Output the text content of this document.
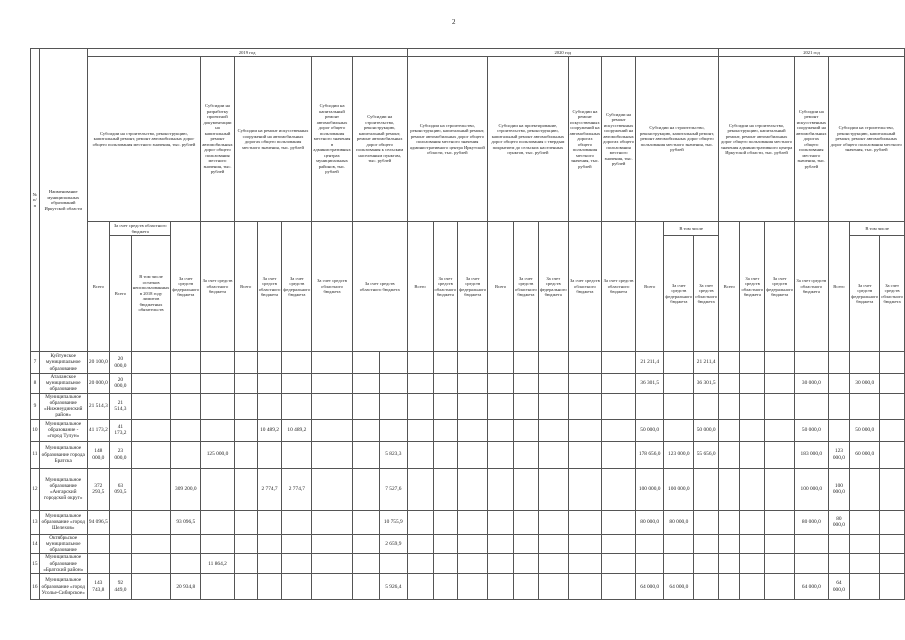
2
№ п/п	Наименование муниципальных образований Иркутской области	2019 год											2020 год											2021 год						
		Субсидии на строительство, реконструкцию, капитальный ремонт, ремонт автомобильных дорог общего пользования местного значения, тыс. рублей				Субсидии на разработку проектной документации на капитальный ремонт автомобильных дорог общего пользования местного значения, тыс. рублей	Субсидии на ремонт искусственных сооружений на автомобильных дорогах общего пользования местного значения, тыс. рублей			Субсидии на капитальный ремонт автомобильных дорог общего пользования местного значения в административных центрах муниципальных районов, тыс. рублей	Субсидии на строительство, реконструкцию, капитальный ремонт, ремонт автомобильных дорог общего пользования к сельским населенным пунктам, тыс. рублей		Субсидии на строительство, реконструкцию, капитальный ремонт, ремонт автомобильных дорог общего пользования местного значения административного центра Иркутской области, тыс. рублей			Субсидии на проектирование, строительство, реконструкцию, капитальный ремонт автомобильных дорог общего пользования с твердым покрытием до сельских населенных пунктов, тыс. рублей			Субсидии на ремонт искусственных сооружений на автомобильных дорогах общего пользования местного значения, тыс. рублей	Субсидии на ремонт искусственных сооружений на автомобильных дорогах общего пользования местного значения, тыс. рублей	Субсидии на строительство, реконструкцию, капитальный ремонт, ремонт автомобильных дорог общего пользования местного значения, тыс. рублей			Субсидии на строительство, реконструкцию, капитальный ремонт, ремонт автомобильных дорог общего пользования местного значения административного центра Иркутской области, тыс. рублей			Субсидии на ремонт искусственных сооружений на автомобильных дорогах общего пользования местного значения, тыс. рублей	Субсидии на строительство, реконструкцию, капитальный ремонт, ремонт автомобильных дорог общего пользования местного значения, тыс. рублей		
		Всего	За счет средств областного бюджета		За счет средств федерального бюджета	За счет средств областного бюджета	Всего	За счет средств областного бюджета	За счет средств федерального бюджета	За счет средств областного бюджета	За счет средств областного бюджета		Всего	За счет средств областного бюджета	За счет средств федерального бюджета	Всего	За счет средств областного бюджета	За счет средств федерального бюджета	За счет средств областного бюджета	За счет средств областного бюджета	Всего	В том числе		Всего	За счет средств областного бюджета	За счет средств федерального бюджета	За счет средств областного бюджета	Всего	В том числе	
			Всего	В том числе остатков неиспользованных в 2018 году лимитов бюджетных обязательств																		За счет средств федерального бюджета	За счет средств областного бюджета						За счет средств федерального бюджета	За счет средств областного бюджета
7	Куйтунское муниципальное образование	20 100,0	20 000,0																		21 211,4		21 211,4							
8	Аталанское муниципальное образование	20 000,0	20 000,0																		36 301,5		36 301,5				30 000,0		30 000,0	
9	Муниципальное образование «Нижнеудинский район»	21 514,3	21 514,3																											
10	Муниципальное образование - «город Тулун»	41 173,2	41 173,2					10 489,2	10 489,2												50 000,0		50 000,0				50 000,0		50 000,0	
11	Муниципальное образование города Братска	148 000,0	23 000,0			125 000,0						5 823,3									178 656,0	123 000,0	55 656,0				183 000,0	123 000,0	60 000,0	
12	Муниципальное образование «Ангарский городской округ»	372 293,5	63 093,5		309 200,0			2 774,7	2 774,7			7 527,6									100 000,0	100 000,0					100 000,0	100 000,0		
13	Муниципальное образование «город Шелехов»	94 096,5			93 096,5							10 755,9									80 000,0	80 000,0					80 000,0	80 000,0		
14	Октябрьское муниципальное образование											2 659,9																		
15	Муниципальное образование «Братский район»					11 864,2																								
16	Муниципальное образование «город Усолье-Сибирское»	143 743,8	92 449,0		20 934,8							5 926,4									64 000,0	64 000,0					64 000,0	64 000,0		
